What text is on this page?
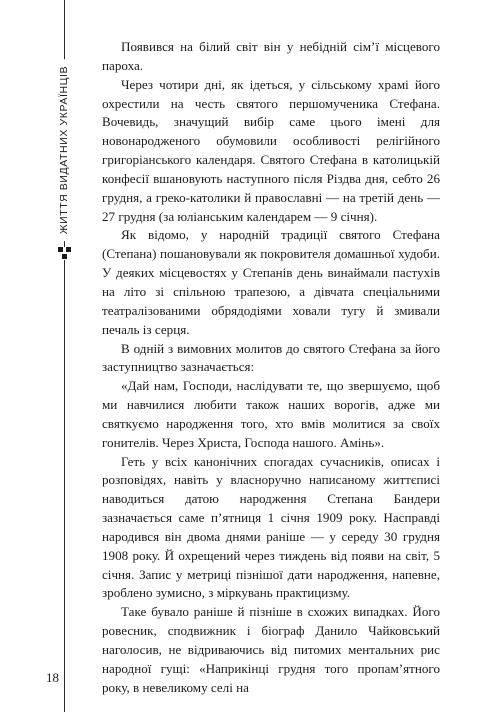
ЖИТТЯ ВИДАТНИХ УКРАЇНЦІВ

Появився на білий світ він у небідній сім’ї місцевого пароха.

Через чотири дні, як ідеться, у сільському храмі його охрестили на честь святого першомученика Стефана. Вочевидь, значущий вибір саме цього імені для новонародженого обумовили особливості релігійного григоріанського календаря. Святого Стефана в католицькій конфесії вшановують наступного після Різдва дня, себто 26 грудня, а греко-католики й православні — на третій день — 27 грудня (за юліанським календарем — 9 січня).

Як відомо, у народній традиції святого Стефана (Степана) пошановували як покровителя домашньої худоби. У деяких місцевостях у Степанів день винаймали пастухів на літо зі спільною трапезою, а дівчата спеціальними театралізованими обрядодіями ховали тугу й змивали печаль із серця.

В одній з вимовних молитов до святого Стефана за його заступництво зазначається:

«Дай нам, Господи, наслідувати те, що звершуємо, щоб ми навчилися любити також наших ворогів, адже ми святкуємо народження того, хто вмів молитися за своїх гонителів. Через Христа, Господа нашого. Амінь».

Геть у всіх канонічних спогадах сучасників, описах і розповідях, навіть у власноручно написаному життєписі наводиться датою народження Степана Бандери зазначається саме п’ятниця 1 січня 1909 року. Насправді народився він двома днями раніше — у середу 30 грудня 1908 року. Й охрещений через тиждень від появи на світ, 5 січня. Запис у метриці пізнішої дати народження, напевне, зроблено зумисно, з міркувань практицизму.

Таке бувало раніше й пізніше в схожих випадках. Його ровесник, сподвижник і біограф Данило Чайковський наголосив, не відриваючись від питомих ментальних рис народної гущі: «Наприкінці грудня того пропам’ятного року, в невеликому селі на

18
